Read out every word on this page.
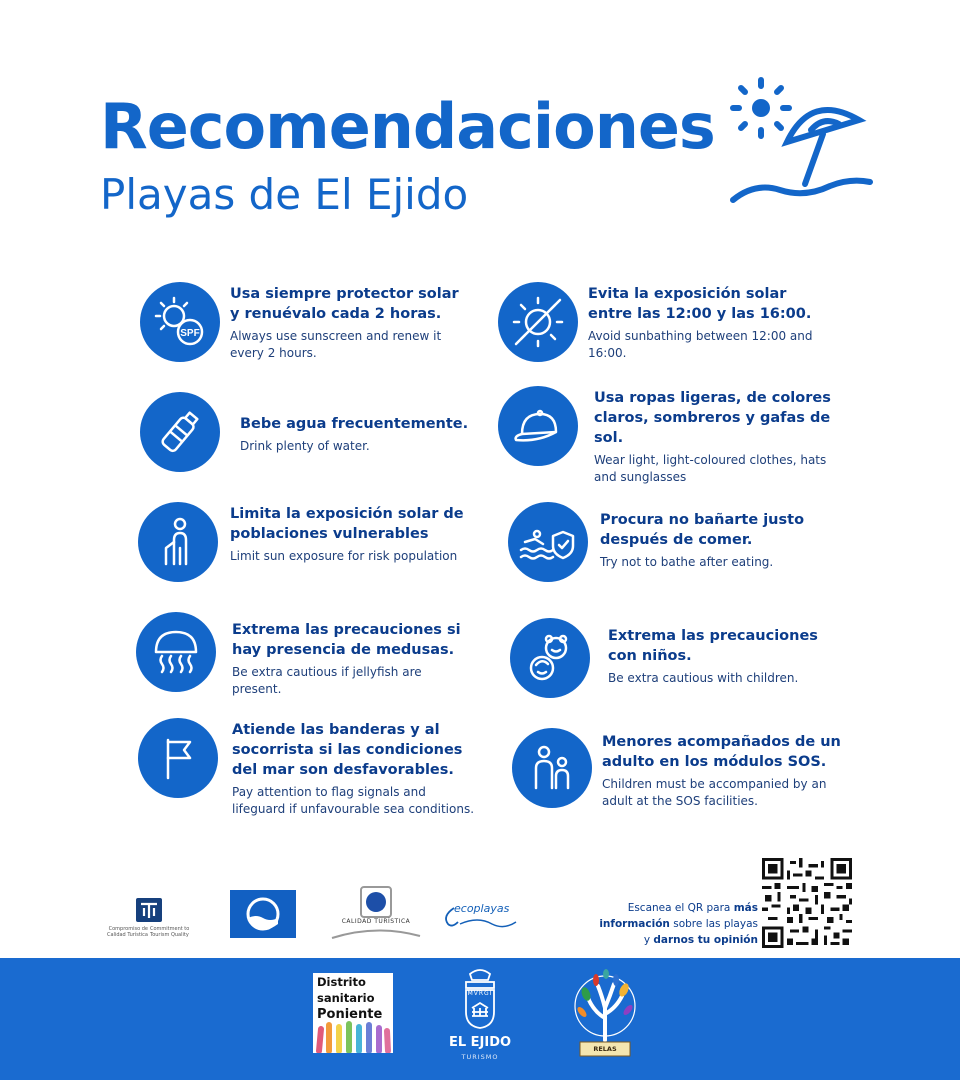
Recomendaciones
Playas de El Ejido
SPF

Usa siempre protector solar y renuévalo cada 2 horas.

Always use sunscreen and renew it every 2 hours.

Evita la exposición solar entre las 12:00 y las 16:00.

Avoid sunbathing between 12:00 and 16:00.

Bebe agua frecuentemente.

Drink plenty of water.

Usa ropas ligeras, de colores claros, sombreros y gafas de sol.

Wear light, light-coloured clothes, hats and sunglasses

Limita la exposición solar de poblaciones vulnerables

Limit sun exposure for risk population

Procura no bañarte justo después de comer.

Try not to bathe after eating.

Extrema las precauciones si hay presencia de medusas.

Be extra cautious if jellyfish are present.

Extrema las precauciones con niños.

Be extra cautious with children.

Atiende las banderas y al socorrista si las condiciones del mar son desfavorables.

Pay attention to flag signals and lifeguard if unfavourable sea conditions.

Menores acompañados de un adulto en los módulos SOS.

Children must be accompanied by an adult at the SOS facilities.

Compromiso de Calidad Turística
Commitment to Tourism Quality
CALIDAD TURÍSTICA
ecoplayas	Escanea el QR para más información sobre las playas y darnos tu opinión
Distrito
sanitario
Poniente
MVRGI
EL EJIDO
TURISMO
RELAS
